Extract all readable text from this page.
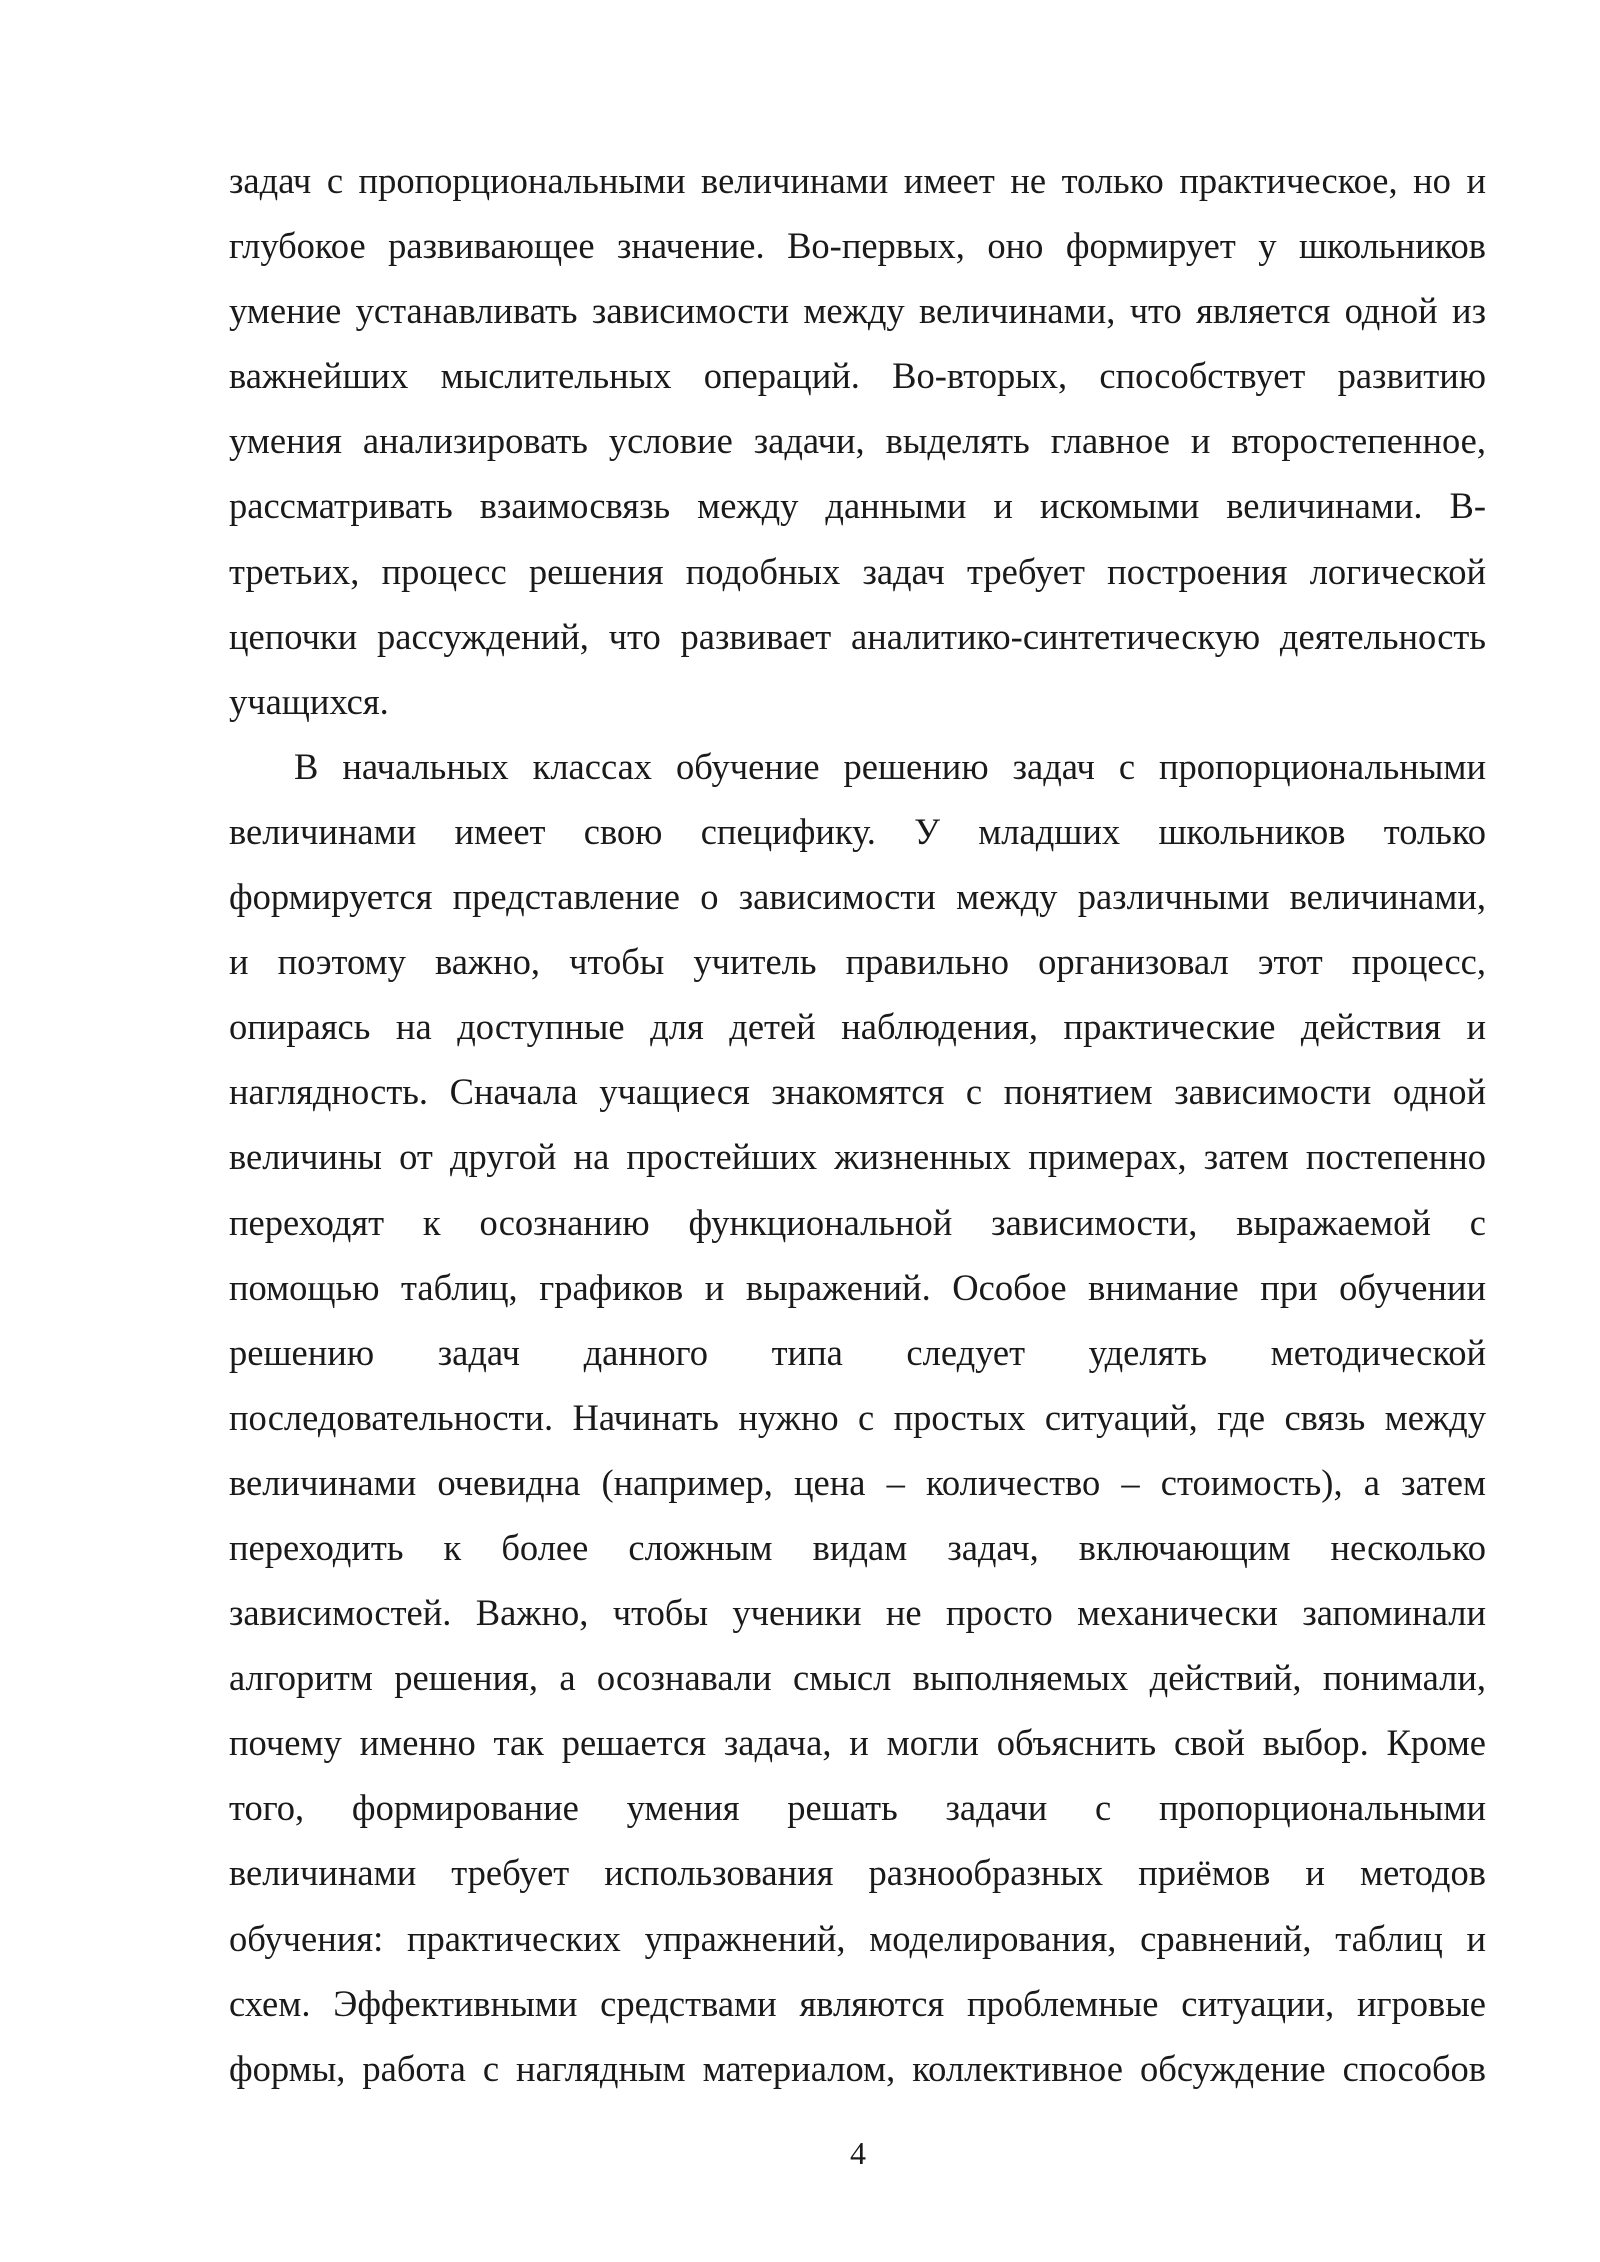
задач с пропорциональными величинами имеет не только практическое, но и
глубокое развивающее значение. Во-первых, оно формирует у школьников
умение устанавливать зависимости между величинами, что является одной из
важнейших мыслительных операций. Во-вторых, способствует развитию
умения анализировать условие задачи, выделять главное и второстепенное,
рассматривать взаимосвязь между данными и искомыми величинами. В-
третьих, процесс решения подобных задач требует построения логической
цепочки рассуждений, что развивает аналитико-синтетическую деятельность
учащихся.
В начальных классах обучение решению задач с пропорциональными
величинами имеет свою специфику. У младших школьников только
формируется представление о зависимости между различными величинами,
и поэтому важно, чтобы учитель правильно организовал этот процесс,
опираясь на доступные для детей наблюдения, практические действия и
наглядность. Сначала учащиеся знакомятся с понятием зависимости одной
величины от другой на простейших жизненных примерах, затем постепенно
переходят к осознанию функциональной зависимости, выражаемой с
помощью таблиц, графиков и выражений. Особое внимание при обучении
решению задач данного типа следует уделять методической
последовательности. Начинать нужно с простых ситуаций, где связь между
величинами очевидна (например, цена – количество – стоимость), а затем
переходить к более сложным видам задач, включающим несколько
зависимостей. Важно, чтобы ученики не просто механически запоминали
алгоритм решения, а осознавали смысл выполняемых действий, понимали,
почему именно так решается задача, и могли объяснить свой выбор. Кроме
того, формирование умения решать задачи с пропорциональными
величинами требует использования разнообразных приёмов и методов
обучения: практических упражнений, моделирования, сравнений, таблиц и
схем. Эффективными средствами являются проблемные ситуации, игровые
формы, работа с наглядным материалом, коллективное обсуждение способов
4
